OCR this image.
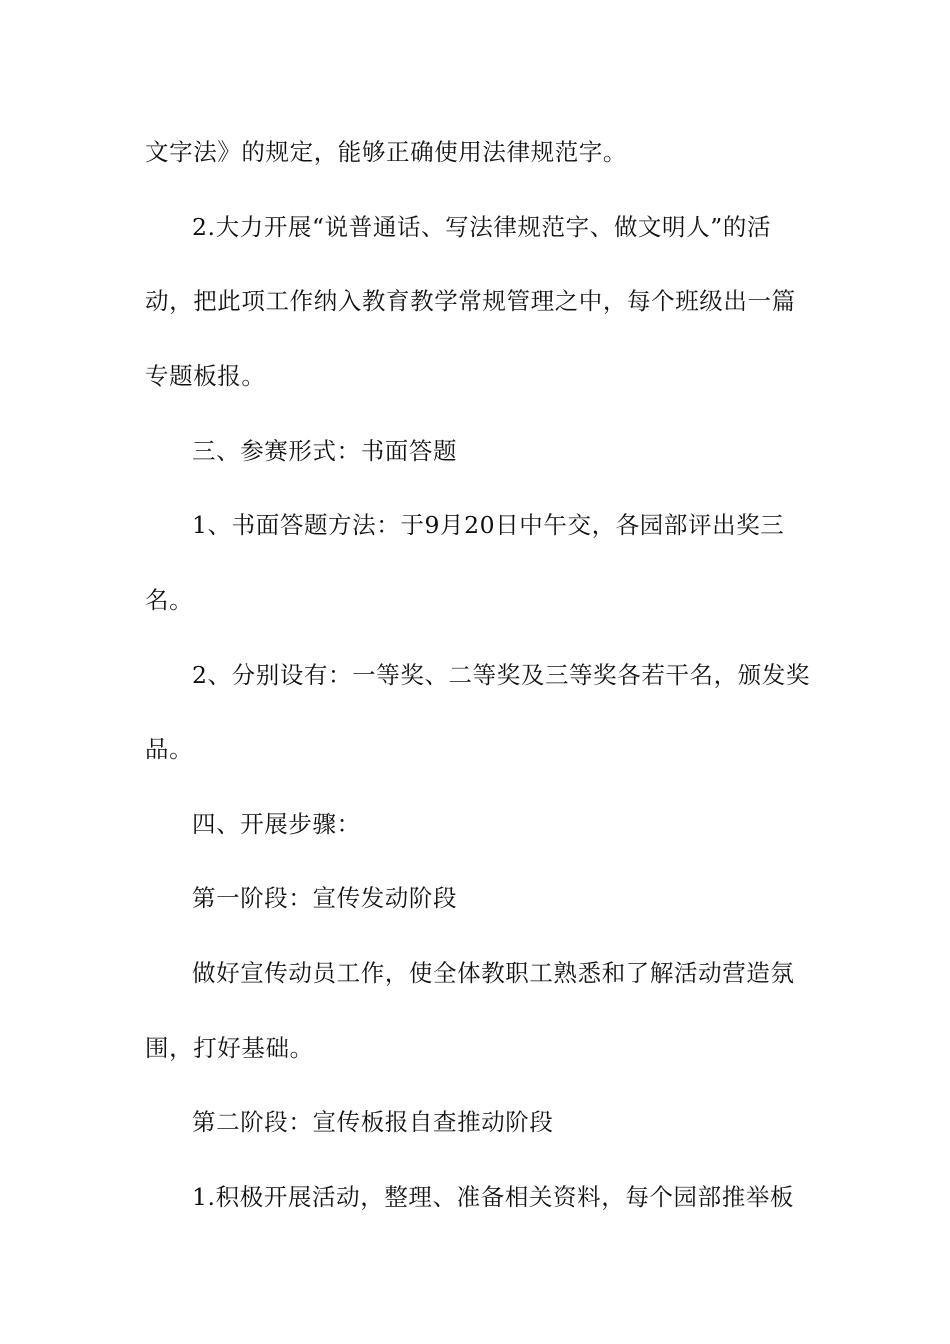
文字法》的规定，能够正确使用法律规范字。
2.大力开展“说普通话、写法律规范字、做文明人”的活
动，把此项工作纳入教育教学常规管理之中，每个班级出一篇
专题板报。
三、参赛形式：书面答题
1、书面答题方法：于9月20日中午交，各园部评出奖三
名。
2、分别设有：一等奖、二等奖及三等奖各若干名，颁发奖
品。
四、开展步骤：
第一阶段：宣传发动阶段
做好宣传动员工作，使全体教职工熟悉和了解活动营造氛
围，打好基础。
第二阶段：宣传板报自查推动阶段
1.积极开展活动，整理、准备相关资料，每个园部推举板
